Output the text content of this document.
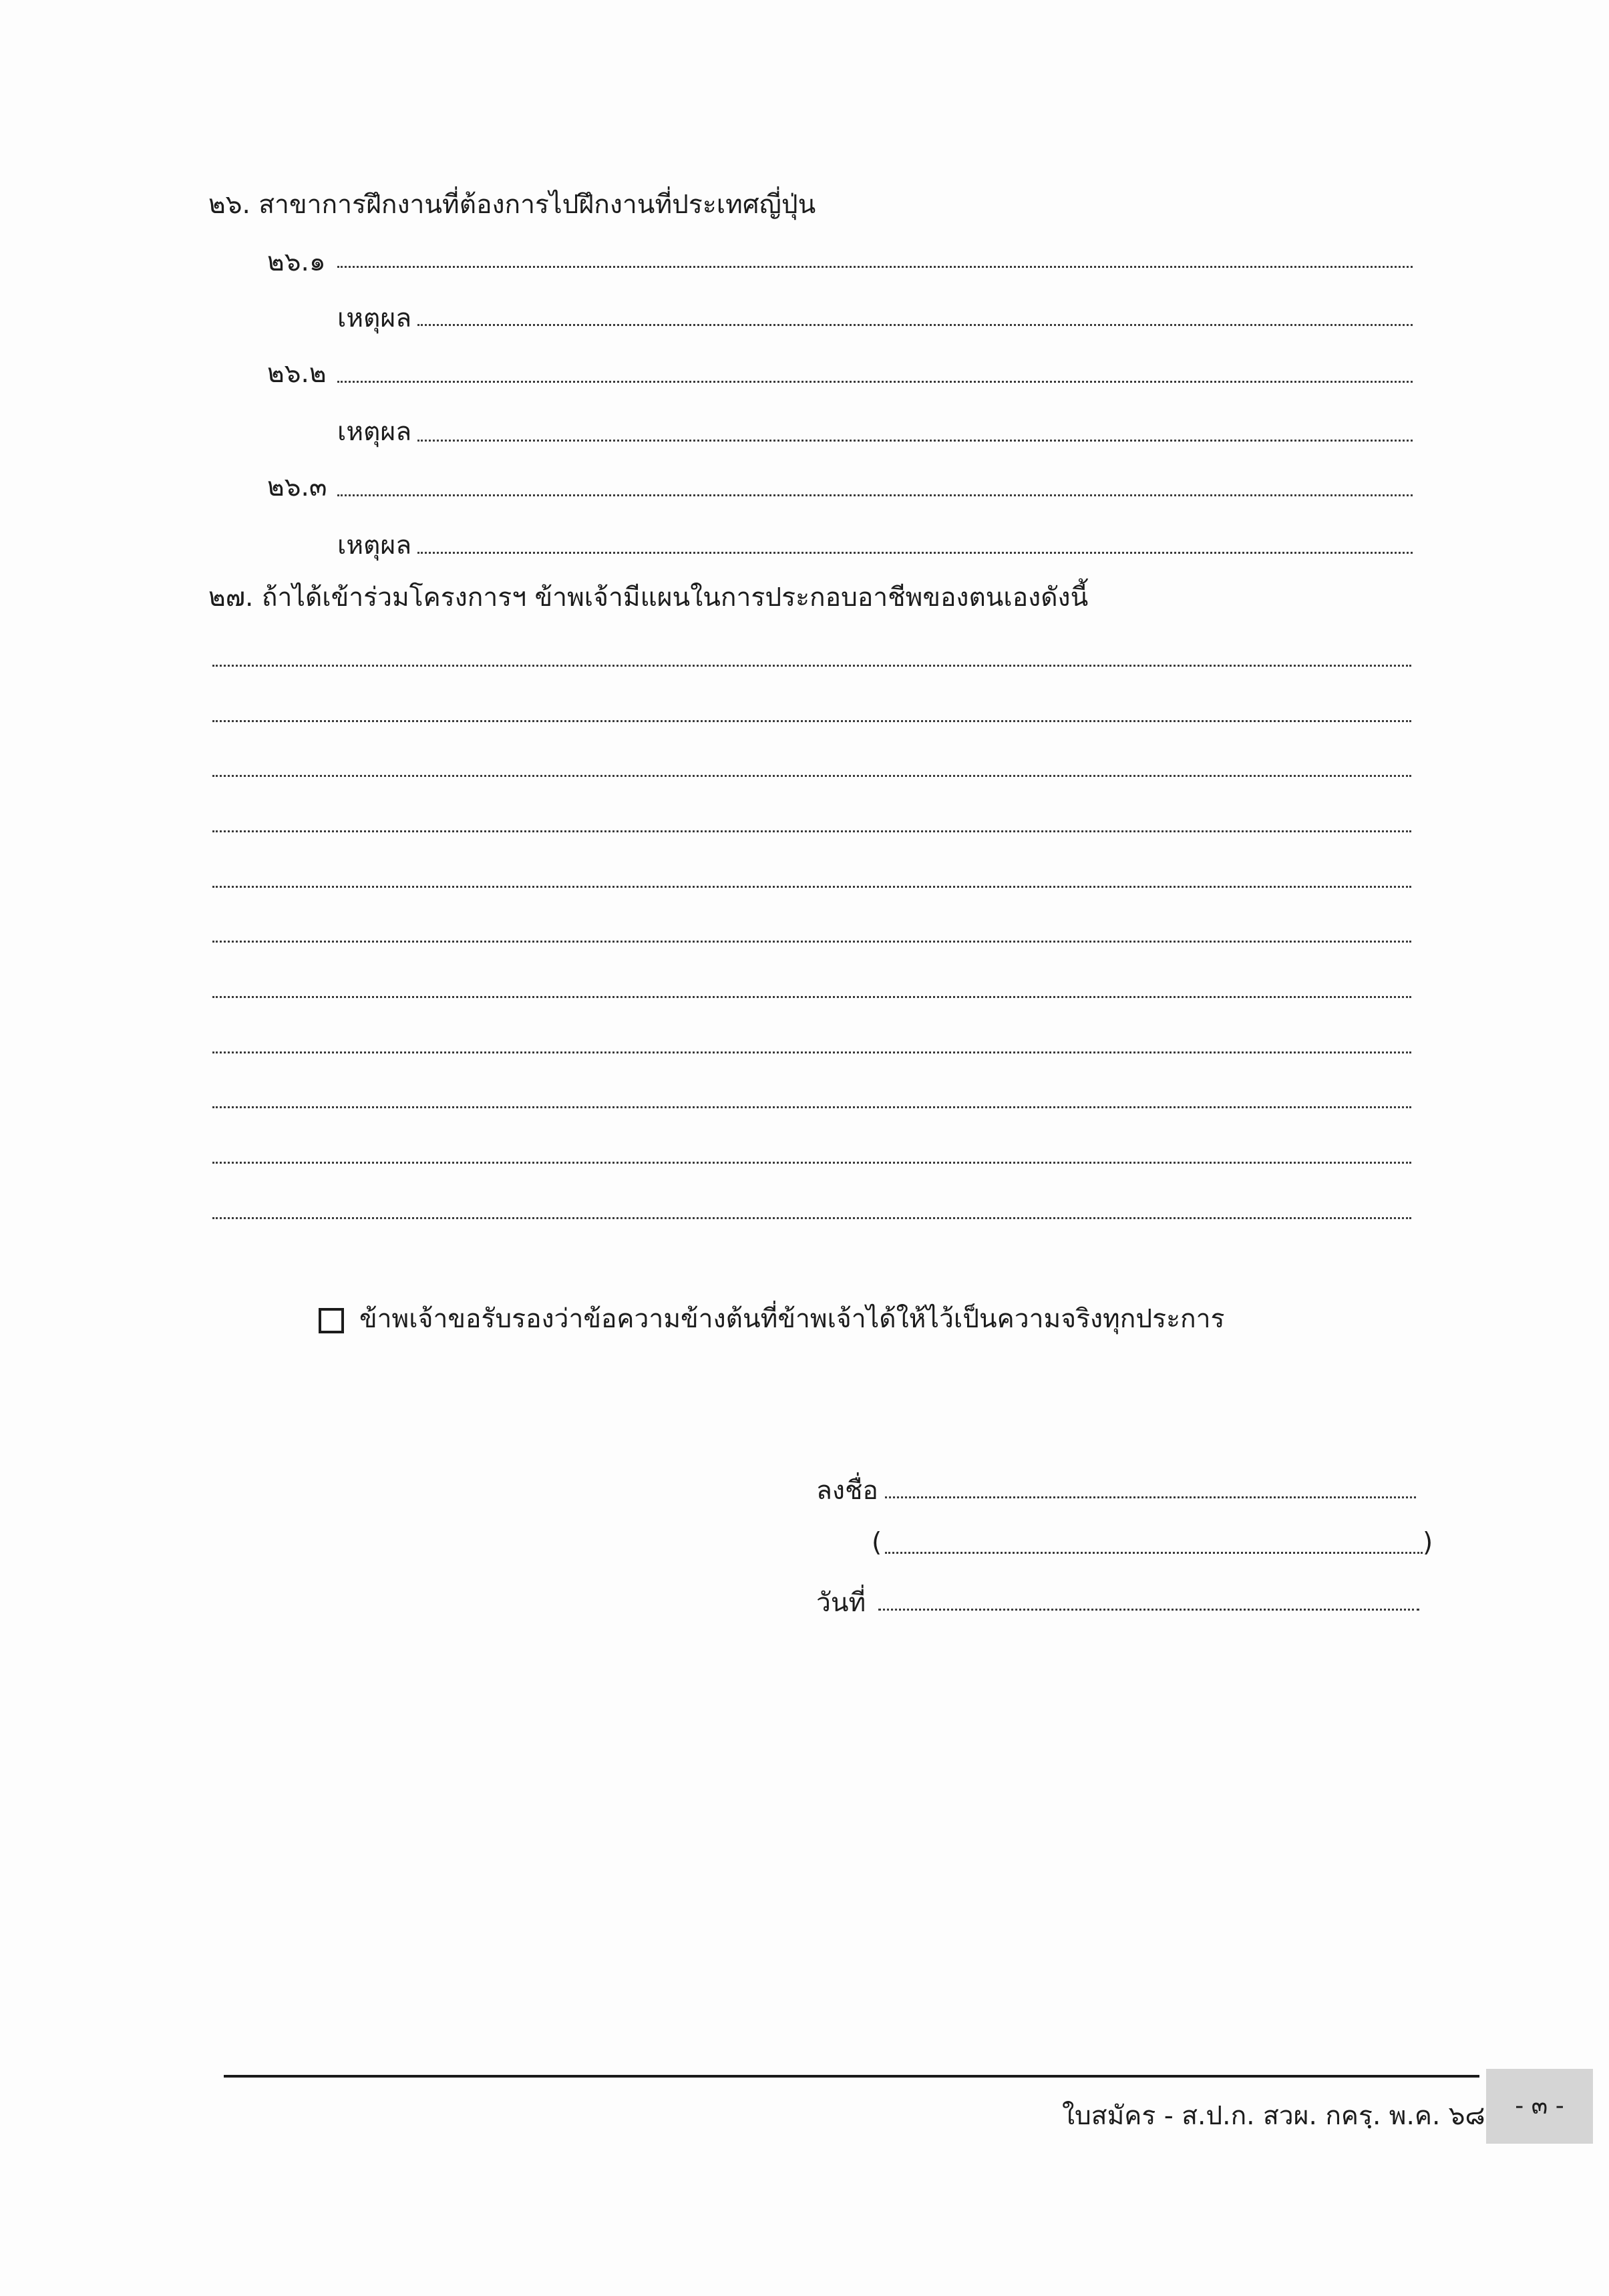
๒๖. สาขาการฝึกงานที่ต้องการไปฝึกงานที่ประเทศญี่ปุ่น
๒๖.๑
เหตุผล
๒๖.๒
เหตุผล
๒๖.๓
เหตุผล
๒๗. ถ้าได้เข้าร่วมโครงการฯ ข้าพเจ้ามีแผนในการประกอบอาชีพของตนเองดังนี้
ข้าพเจ้าขอรับรองว่าข้อความข้างต้นที่ข้าพเจ้าได้ให้ไว้เป็นความจริงทุกประการ
ลงชื่อ
(	)
วันที่
ใบสมัคร - ส.ป.ก. สวผ. กครฺ. พ.ค. ๖๘	- ๓ -
